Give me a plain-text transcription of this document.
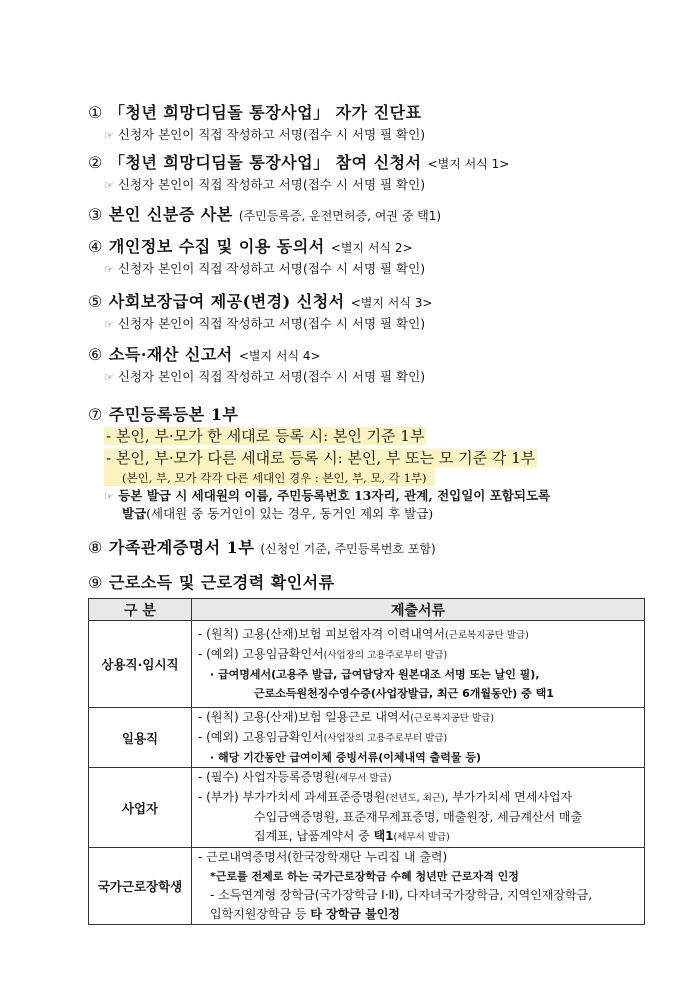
① 「청년 희망디딤돌 통장사업」 자가 진단표
☞ 신청자 본인이 직접 작성하고 서명(접수 시 서명 필 확인)
② 「청년 희망디딤돌 통장사업」 참여 신청서 <별지 서식 1>
☞ 신청자 본인이 직접 작성하고 서명(접수 시 서명 필 확인)
③ 본인 신분증 사본 (주민등록증, 운전면허증, 여권 중 택1)
④ 개인정보 수집 및 이용 동의서 <별지 서식 2>
☞ 신청자 본인이 직접 작성하고 서명(접수 시 서명 필 확인)
⑤ 사회보장급여 제공(변경) 신청서 <별지 서식 3>
☞ 신청자 본인이 직접 작성하고 서명(접수 시 서명 필 확인)
⑥ 소득·재산 신고서 <별지 서식 4>
☞ 신청자 본인이 직접 작성하고 서명(접수 시 서명 필 확인)
⑦ 주민등록등본 1부
⑧ 가족관계증명서 1부 (신청인 기준, 주민등록번호 포함)
⑨ 근로소득 및 근로경력 확인서류
- 본인, 부·모가 한 세대로 등록 시: 본인 기준 1부
- 본인, 부·모가 다른 세대로 등록 시: 본인, 부 또는 모 기준 각 1부
(본인, 부, 모가 각각 다른 세대인 경우 : 본인, 부, 모, 각 1부)
☞ 등본 발급 시 세대원의 이름, 주민등록번호 13자리, 관계, 전입일이 포함되도록
발급(세대원 중 동거인이 있는 경우, 동거인 제외 후 발급)
구 분	제출서류
상용직·임시직	- (원칙) 고용(산재)보험 피보험자격 이력내역서(근로복지공단 발급)
- (예외) 고용임금확인서(사업장의 고용주로부터 발급)
· 급여명세서(고용주 발급, 급여담당자 원본대조 서명 또는 날인 필),
근로소득원천징수영수증(사업장발급, 최근 6개월동안) 중 택1

일용직	- (원칙) 고용(산재)보험 일용근로 내역서(근로복지공단 발급)
- (예외) 고용임금확인서(사업장의 고용주로부터 발급)
· 해당 기간동안 급여이체 증빙서류(이체내역 출력물 등)

사업자	- (필수) 사업자등록증명원(세무서 발급)
- (부가) 부가가치세 과세표준증명원(전년도, 최근), 부가가치세 면세사업자
수입금액증명원, 표준재무제표증명, 매출원장, 세금계산서 매출
집계표, 납품계약서 중 택1(세무서 발급)

국가근로장학생	- 근로내역증명서(한국장학재단 누리집 내 출력)
*근로를 전제로 하는 국가근로장학금 수혜 청년만 근로자격 인정
- 소득연계형 장학금(국가장학금 Ⅰ·Ⅱ), 다자녀국가장학금, 지역인재장학금,
입학지원장학금 등 타 장학금 불인정
